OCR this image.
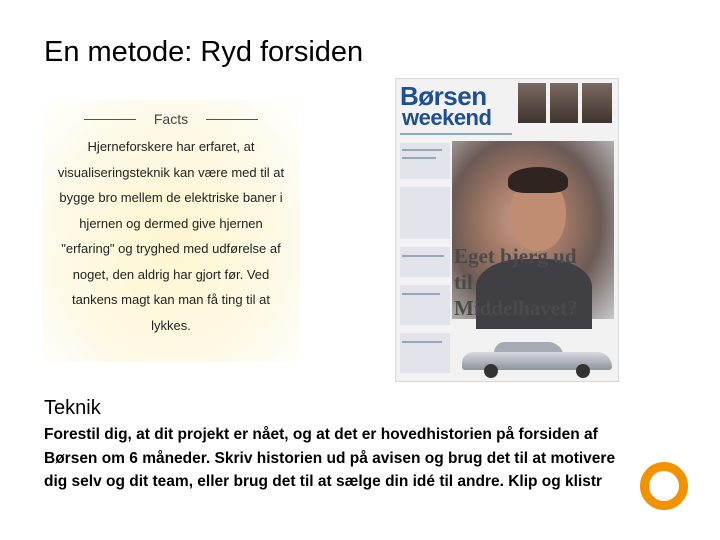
En metode: Ryd forsiden
Facts
Hjerneforskere har erfaret, at
visualiseringsteknik kan være med til at
bygge bro mellem de elektriske baner i
hjernen og dermed give hjernen
"erfaring" og tryghed med udførelse af
noget, den aldrig har gjort før. Ved
tankens magt kan man få ting til at
lykkes.
Børsen
weekend
Eget bjerg ud
til
Middelhavet?
Teknik
Forestil dig, at dit projekt er nået, og at det er hovedhistorien på forsiden af
Børsen om 6 måneder. Skriv historien ud på avisen og brug det til at motivere
dig selv og dit team, eller brug det til at sælge din idé til andre. Klip og klistr
